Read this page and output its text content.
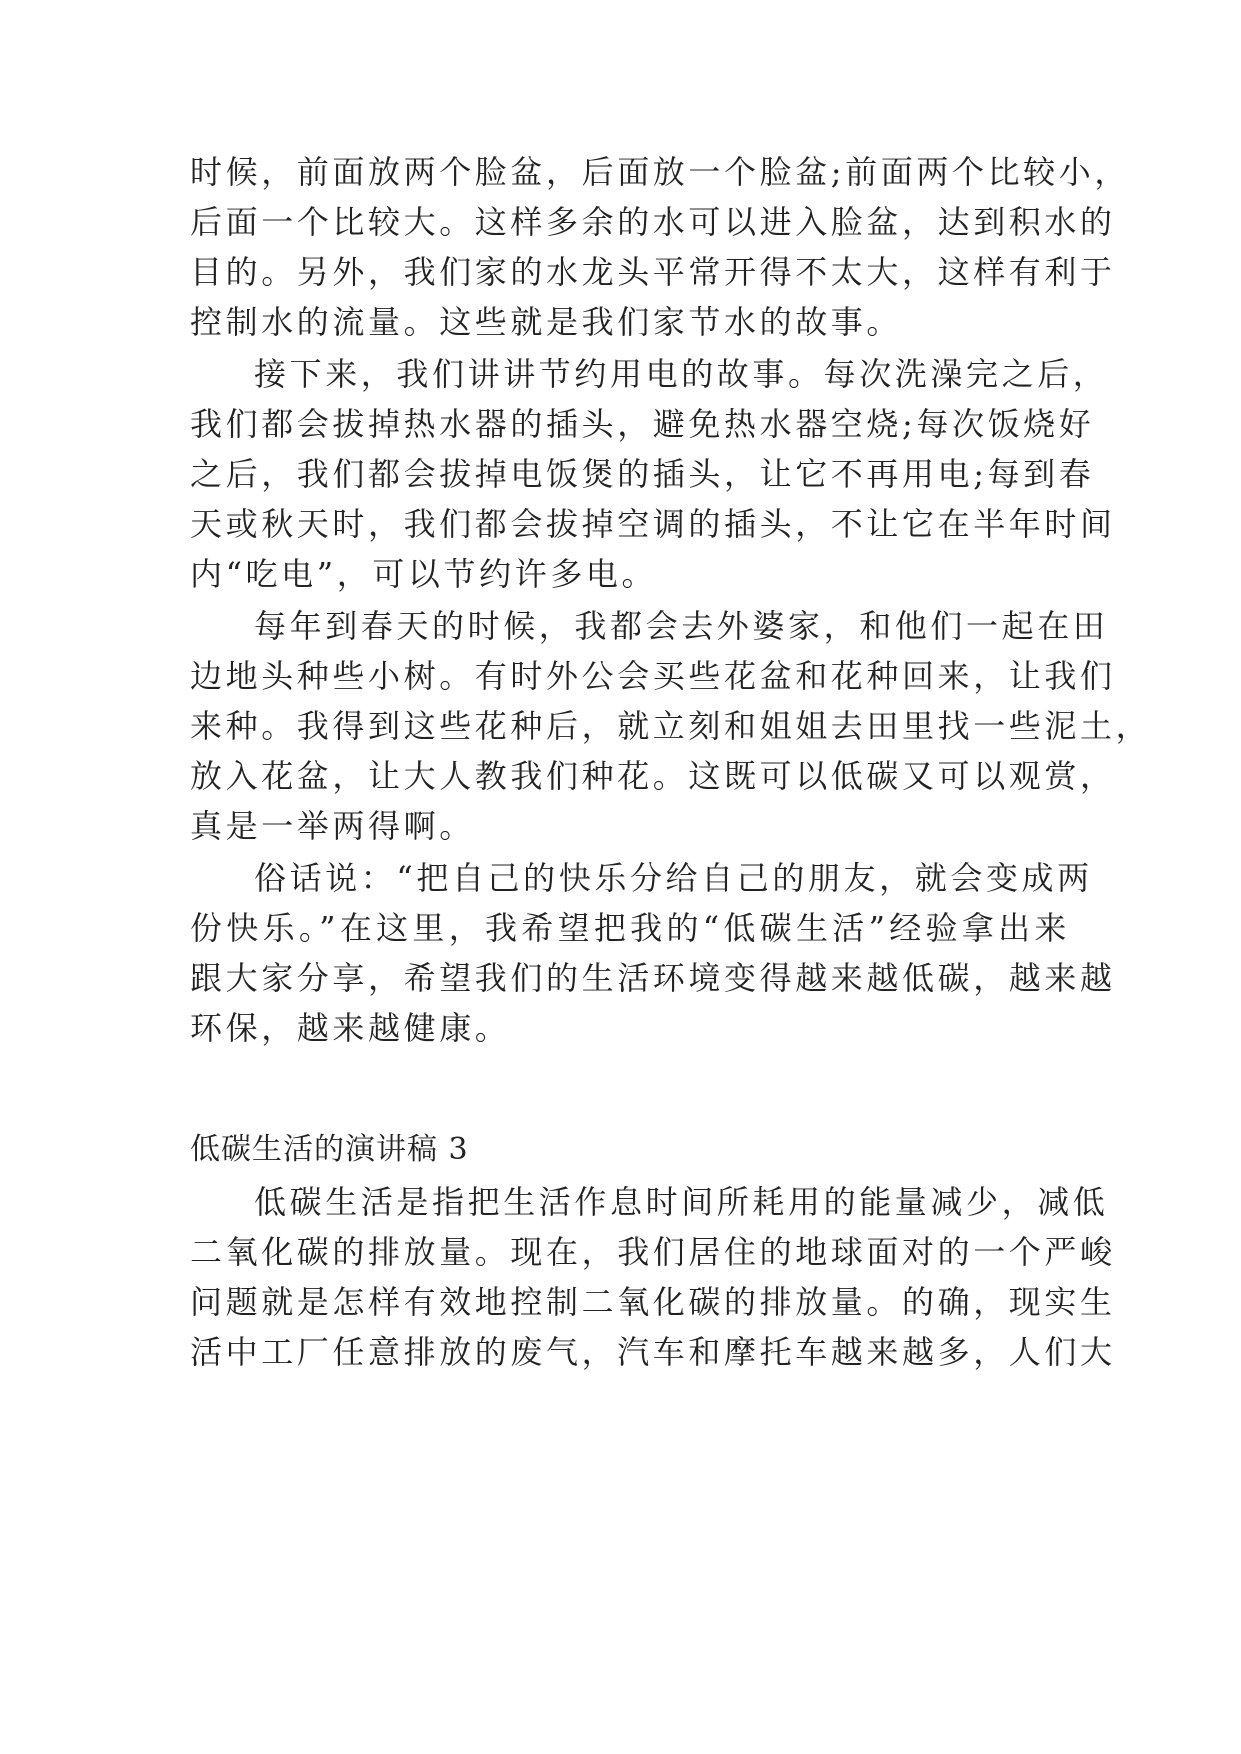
时候，前面放两个脸盆，后面放一个脸盆;前面两个比较小，
后面一个比较大。这样多余的水可以进入脸盆，达到积水的
目的。另外，我们家的水龙头平常开得不太大，这样有利于
控制水的流量。这些就是我们家节水的故事。
接下来，我们讲讲节约用电的故事。每次洗澡完之后，
我们都会拔掉热水器的插头，避免热水器空烧;每次饭烧好
之后，我们都会拔掉电饭煲的插头，让它不再用电;每到春
天或秋天时，我们都会拔掉空调的插头，不让它在半年时间
内“吃电”，可以节约许多电。
每年到春天的时候，我都会去外婆家，和他们一起在田
边地头种些小树。有时外公会买些花盆和花种回来，让我们
来种。我得到这些花种后，就立刻和姐姐去田里找一些泥土，
放入花盆，让大人教我们种花。这既可以低碳又可以观赏，
真是一举两得啊。
俗话说：“把自己的快乐分给自己的朋友，就会变成两
份快乐。”在这里，我希望把我的“低碳生活”经验拿出来
跟大家分享，希望我们的生活环境变得越来越低碳，越来越
环保，越来越健康。
低碳生活的演讲稿 3
低碳生活是指把生活作息时间所耗用的能量减少，减低
二氧化碳的排放量。现在，我们居住的地球面对的一个严峻
问题就是怎样有效地控制二氧化碳的排放量。的确，现实生
活中工厂任意排放的废气，汽车和摩托车越来越多，人们大
